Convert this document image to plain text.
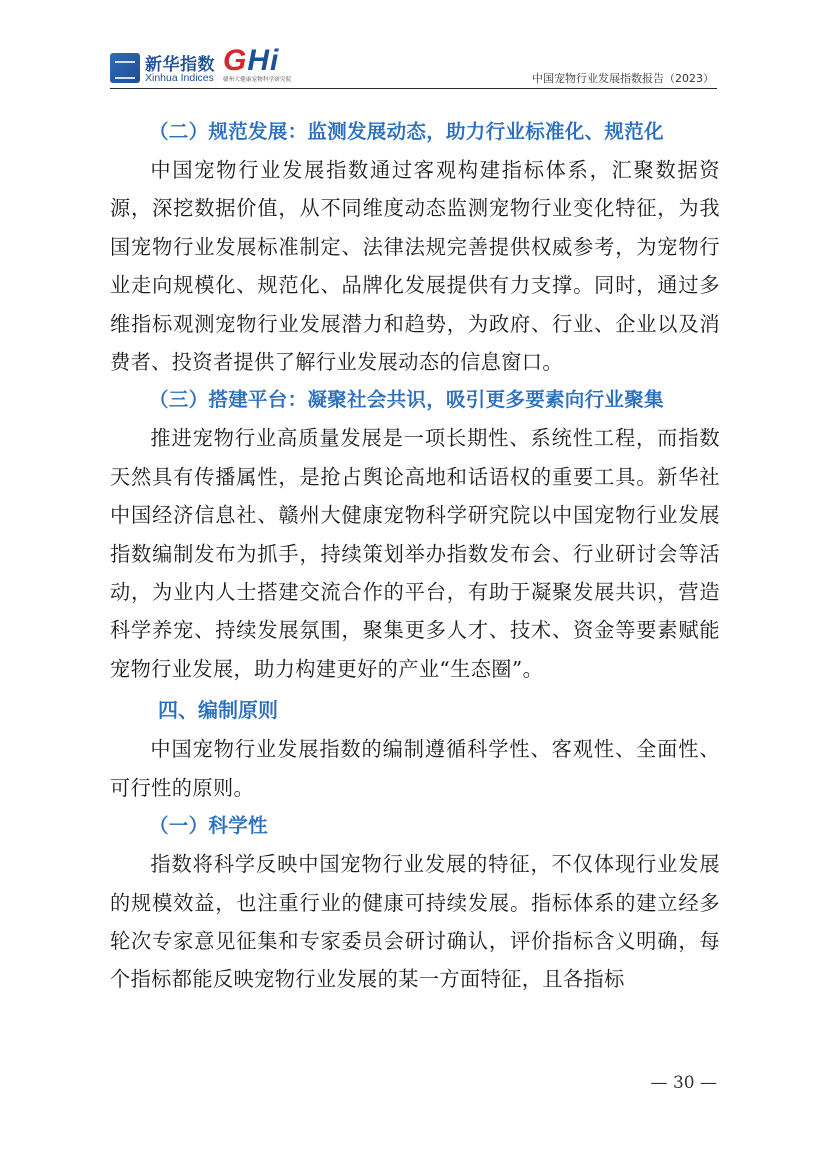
新华指数
Xinhua Indices
GHi
赣州大健康宠物科学研究院	中国宠物行业发展指数报告（2023）
（二）规范发展：监测发展动态，助力行业标准化、规范化

中国宠物行业发展指数通过客观构建指标体系，汇聚数据资源，深挖数据价值，从不同维度动态监测宠物行业变化特征，为我国宠物行业发展标准制定、法律法规完善提供权威参考，为宠物行业走向规模化、规范化、品牌化发展提供有力支撑。同时，通过多维指标观测宠物行业发展潜力和趋势，为政府、行业、企业以及消费者、投资者提供了解行业发展动态的信息窗口。

（三）搭建平台：凝聚社会共识，吸引更多要素向行业聚集

推进宠物行业高质量发展是一项长期性、系统性工程，而指数天然具有传播属性，是抢占舆论高地和话语权的重要工具。新华社中国经济信息社、赣州大健康宠物科学研究院以中国宠物行业发展指数编制发布为抓手，持续策划举办指数发布会、行业研讨会等活动，为业内人士搭建交流合作的平台，有助于凝聚发展共识，营造科学养宠、持续发展氛围，聚集更多人才、技术、资金等要素赋能宠物行业发展，助力构建更好的产业“生态圈”。

四、编制原则

中国宠物行业发展指数的编制遵循科学性、客观性、全面性、可行性的原则。

（一）科学性

指数将科学反映中国宠物行业发展的特征，不仅体现行业发展的规模效益，也注重行业的健康可持续发展。指标体系的建立经多轮次专家意见征集和专家委员会研讨确认，评价指标含义明确，每个指标都能反映宠物行业发展的某一方面特征，且各指标

— 30 —
